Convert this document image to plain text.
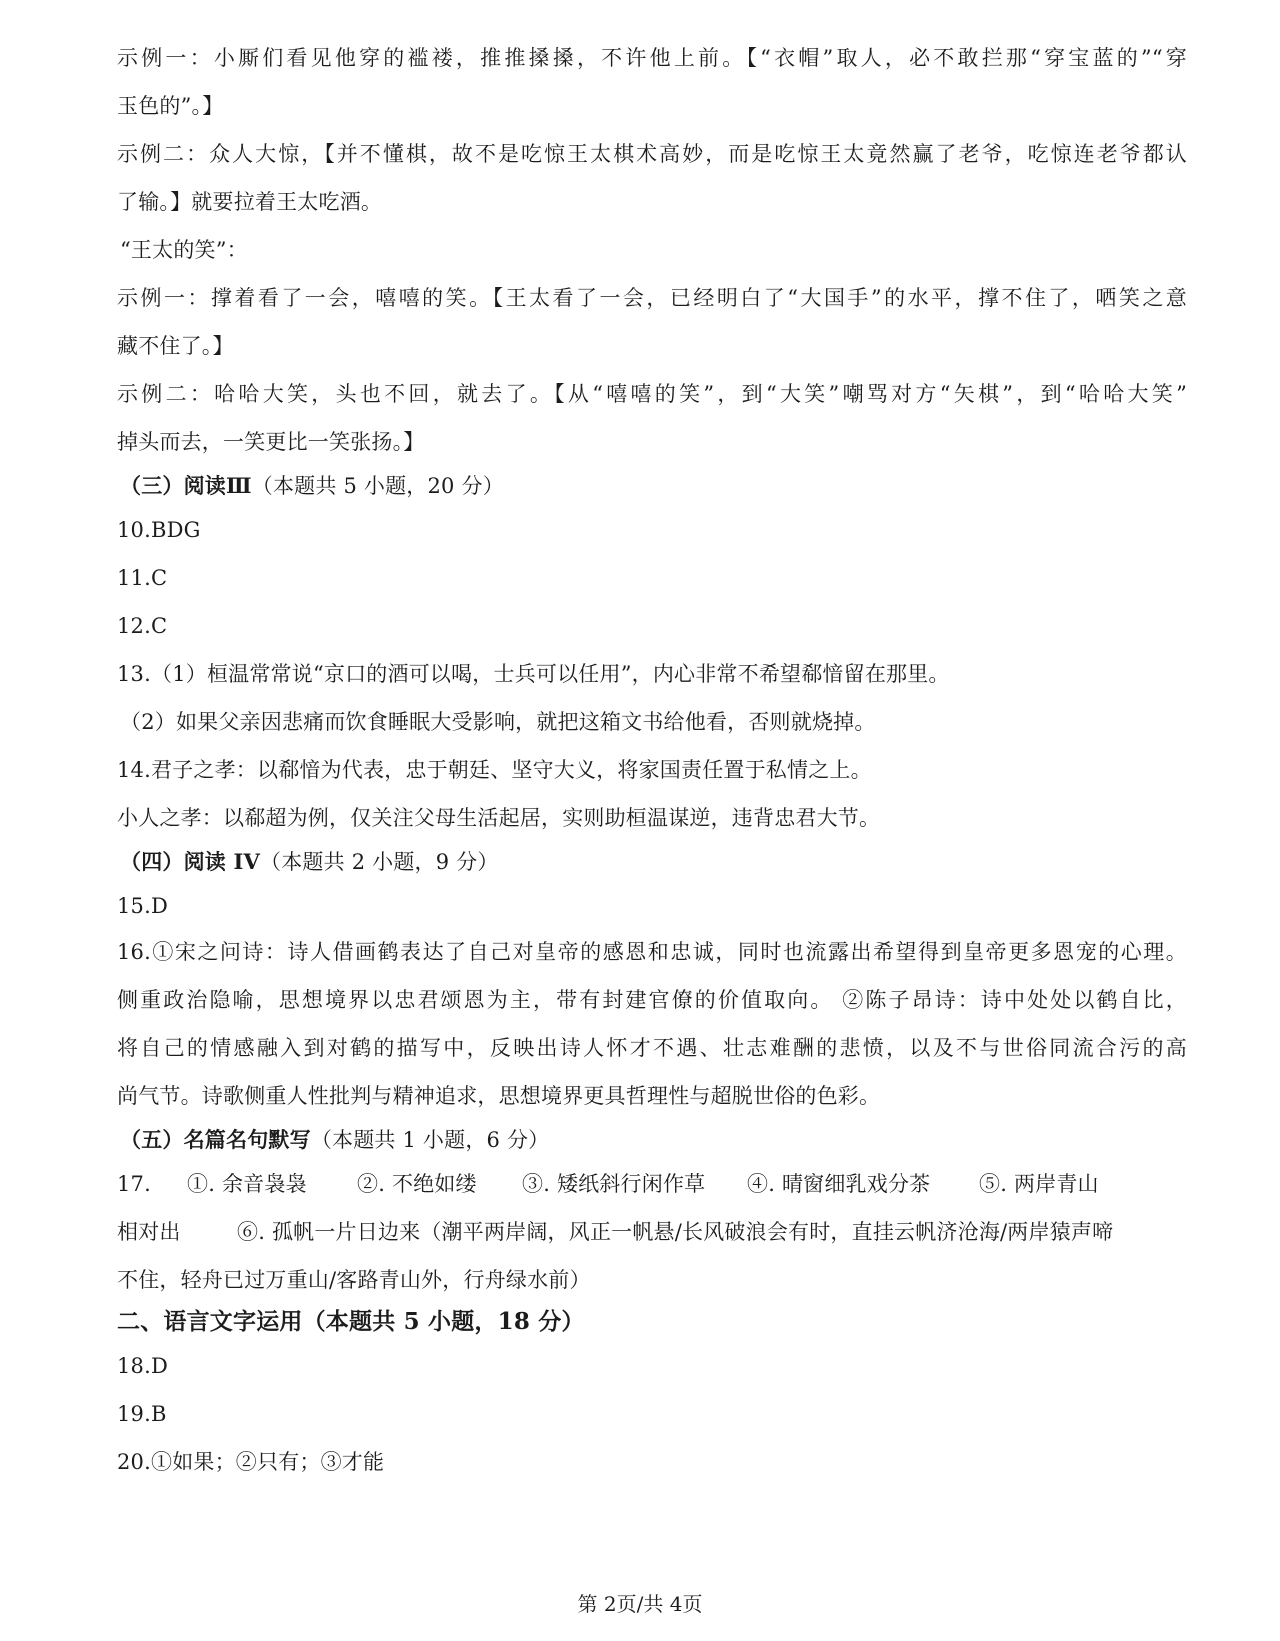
示例一：小厮们看见他穿的褴褛，推推搡搡，不许他上前。【“衣帽”取人，必不敢拦那“穿宝蓝的”“穿
玉色的”。】
示例二：众人大惊，【并不懂棋，故不是吃惊王太棋术高妙，而是吃惊王太竟然赢了老爷，吃惊连老爷都认
了输。】就要拉着王太吃酒。
“王太的笑”：
示例一：撑着看了一会，嘻嘻的笑。【王太看了一会，已经明白了“大国手”的水平，撑不住了，哂笑之意
藏不住了。】
示例二：哈哈大笑，头也不回，就去了。【从“嘻嘻的笑”，到“大笑”嘲骂对方“矢棋”，到“哈哈大笑”
掉头而去，一笑更比一笑张扬。】
（三）阅读Ⅲ（本题共 5 小题，20 分）
10.BDG
11.C
12.C
13.（1）桓温常常说“京口的酒可以喝，士兵可以任用”，内心非常不希望郗愔留在那里。
（2）如果父亲因悲痛而饮食睡眠大受影响，就把这箱文书给他看，否则就烧掉。
14.君子之孝：以郗愔为代表，忠于朝廷、坚守大义，将家国责任置于私情之上。
小人之孝：以郗超为例，仅关注父母生活起居，实则助桓温谋逆，违背忠君大节。
（四）阅读 IV（本题共 2 小题，9 分）
15.D
16.①宋之问诗：诗人借画鹤表达了自己对皇帝的感恩和忠诚，同时也流露出希望得到皇帝更多恩宠的心理。
侧重政治隐喻，思想境界以忠君颂恩为主，带有封建官僚的价值取向。 ②陈子昂诗：诗中处处以鹤自比，
将自己的情感融入到对鹤的描写中，反映出诗人怀才不遇、壮志难酬的悲愤，以及不与世俗同流合污的高
尚气节。诗歌侧重人性批判与精神追求，思想境界更具哲理性与超脱世俗的色彩。
（五）名篇名句默写（本题共 1 小题，6 分）
17. ①. 余音袅袅 ②. 不绝如缕 ③. 矮纸斜行闲作草 ④. 晴窗细乳戏分茶 ⑤. 两岸青山
相对出	⑥. 孤帆一片日边来（潮平两岸阔，风正一帆悬/长风破浪会有时，直挂云帆济沧海/两岸猿声啼
不住，轻舟已过万重山/客路青山外，行舟绿水前）
二、语言文字运用（本题共 5 小题，18 分）
18.D
19.B
20.①如果；②只有；③才能
第 2页/共 4页
